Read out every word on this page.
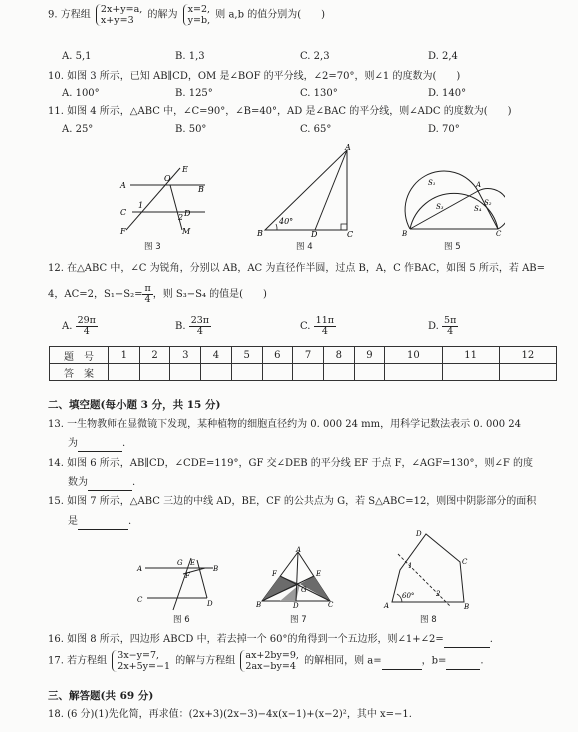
9. 方程组 2x+y=a,
x+y=3 的解为 x=2,
y=b, 则 a,b 的值分别为(　　)
A. 5,1	B. 1,3	C. 2,3	D. 2,4
10. 如图 3 所示，已知 AB∥CD，OM 是∠BOF 的平分线，∠2=70°，则∠1 的度数为(　　)
A. 100°	B. 125°	C. 130°	D. 140°
11. 如图 4 所示，△ABC 中，∠C=90°，∠B=40°，AD 是∠BAC 的平分线，则∠ADC 的度数为(　　)
A. 25°	B. 50°	C. 65°	D. 70°
A
O
E
B
C
1
2 D
F	M
图 3
A
40°
B	D	C
图 4
A
S₁
S₂
S₃	S₄
B	C
图 5
12. 在△ABC 中，∠C 为锐角，分别以 AB，AC 为直径作半圆，过点 B，A，C 作BAC，如图 5 所示，若 AB=
4，AC=2，$S_1-S_2= \frac{\pi}{4}$ ，则 S₃−S₄ 的值是(　　)
A. $\frac{29\pi}{4}$	B. $\frac{23\pi}{4}$	C. $\frac{11\pi}{4}$	D. $\frac{5\pi}{4}$
题　号	1	2	3	4	5	6	7	8	9	10	11	12
答　案												
二、填空题(每小题 3 分，共 15 分)
13. 一生物教师在显微镜下发现，某种植物的细胞直径约为 0. 000 24 mm，用科学记数法表示 0. 000 24
为	.
14. 如图 6 所示，AB∥CD，∠CDE=119°，GF 交∠DEB 的平分线 EF 于点 F，∠AGF=130°，则∠F 的度
数为	.
15. 如图 7 所示，△ABC 三边的中线 AD，BE，CF 的公共点为 G，若 S△ABC=12，则图中阴影部分的面积
是	.
A
G E
B
F
C	D
图 6
A
F	E
G
B	D	C
图 7
D
C
1
2
60°
A	B
图 8
16. 如图 8 所示，四边形 ABCD 中，若去掉一个 60°的角得到一个五边形，则∠1+∠2=	.
17. 若方程组 3x−y=7,
2x+5y=−1 的解与方程组 ax+2by=9,
2ax−by=4 的解相同，则 a=	，b=	.
三、解答题(共 69 分)
18. (6 分)(1)先化简，再求值：(2x+3)(2x−3)−4x(x−1)+(x−2)²，其中 x=−1.
